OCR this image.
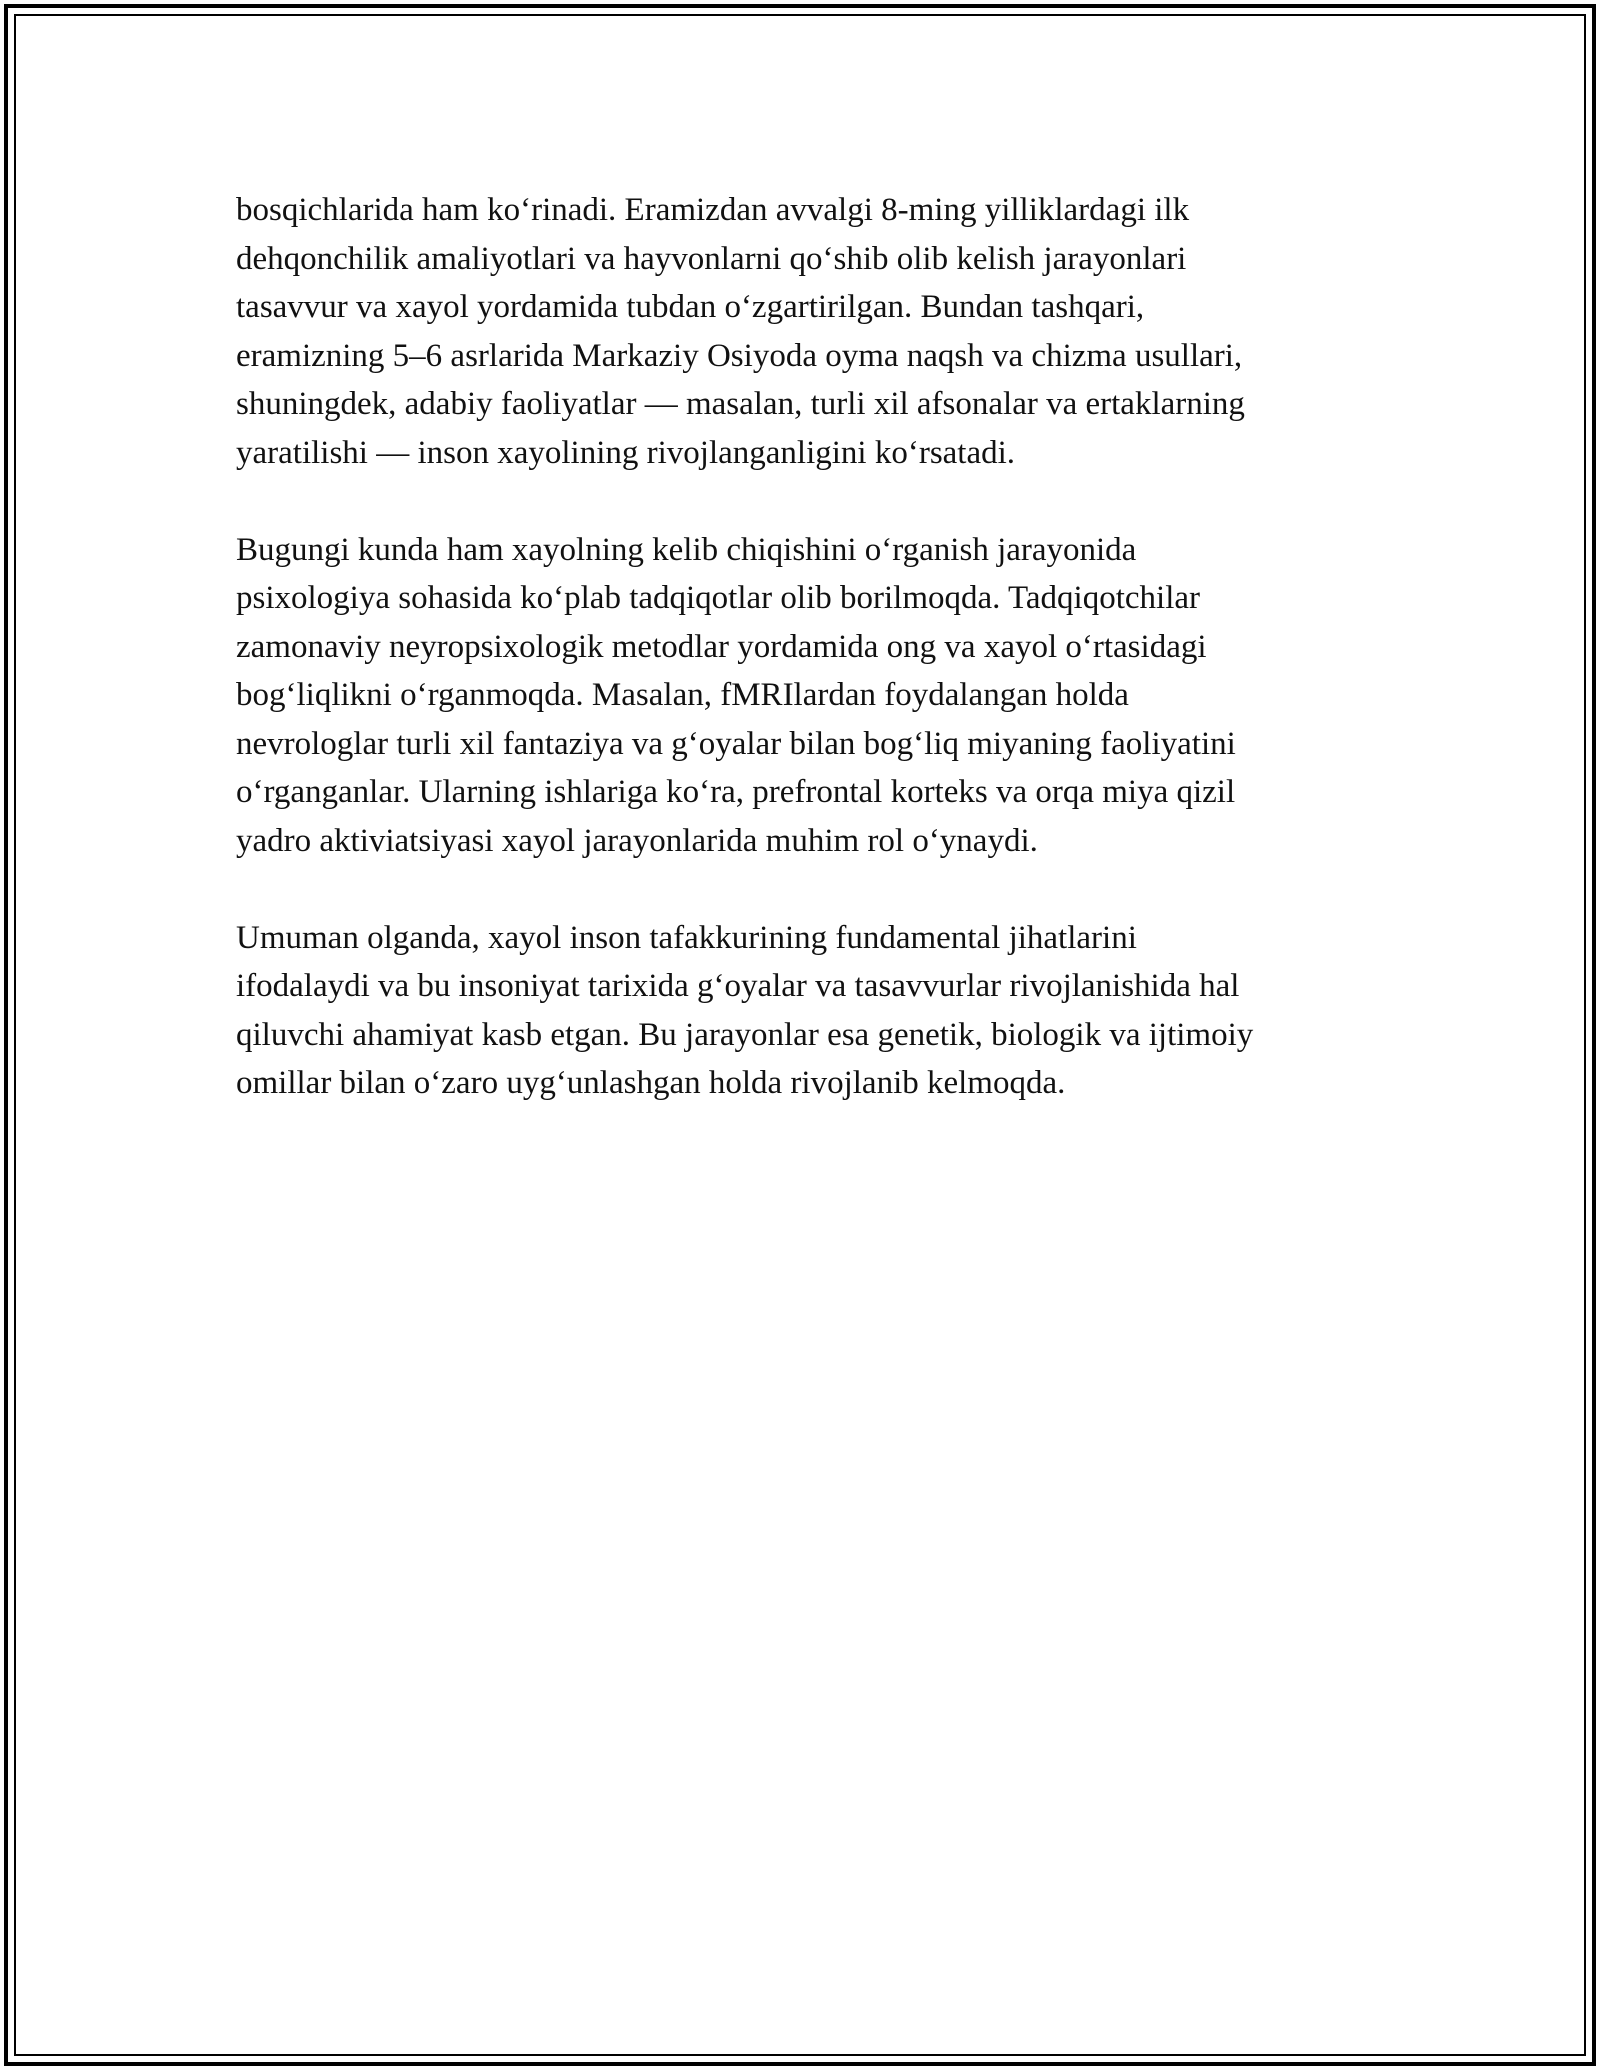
bosqichlarida ham ko‘rinadi. Eramizdan avvalgi 8-ming yilliklardagi ilk
dehqonchilik amaliyotlari va hayvonlarni qo‘shib olib kelish jarayonlari
tasavvur va xayol yordamida tubdan o‘zgartirilgan. Bundan tashqari,
eramizning 5–6 asrlarida Markaziy Osiyoda oyma naqsh va chizma usullari,
shuningdek, adabiy faoliyatlar — masalan, turli xil afsonalar va ertaklarning
yaratilishi — inson xayolining rivojlanganligini ko‘rsatadi.

Bugungi kunda ham xayolning kelib chiqishini o‘rganish jarayonida
psixologiya sohasida ko‘plab tadqiqotlar olib borilmoqda. Tadqiqotchilar
zamonaviy neyropsixologik metodlar yordamida ong va xayol o‘rtasidagi
bog‘liqlikni o‘rganmoqda. Masalan, fMRIlardan foydalangan holda
nevrologlar turli xil fantaziya va g‘oyalar bilan bog‘liq miyaning faoliyatini
o‘rganganlar. Ularning ishlariga ko‘ra, prefrontal korteks va orqa miya qizil
yadro aktiviatsiyasi xayol jarayonlarida muhim rol o‘ynaydi.

Umuman olganda, xayol inson tafakkurining fundamental jihatlarini
ifodalaydi va bu insoniyat tarixida g‘oyalar va tasavvurlar rivojlanishida hal
qiluvchi ahamiyat kasb etgan. Bu jarayonlar esa genetik, biologik va ijtimoiy
omillar bilan o‘zaro uyg‘unlashgan holda rivojlanib kelmoqda.
